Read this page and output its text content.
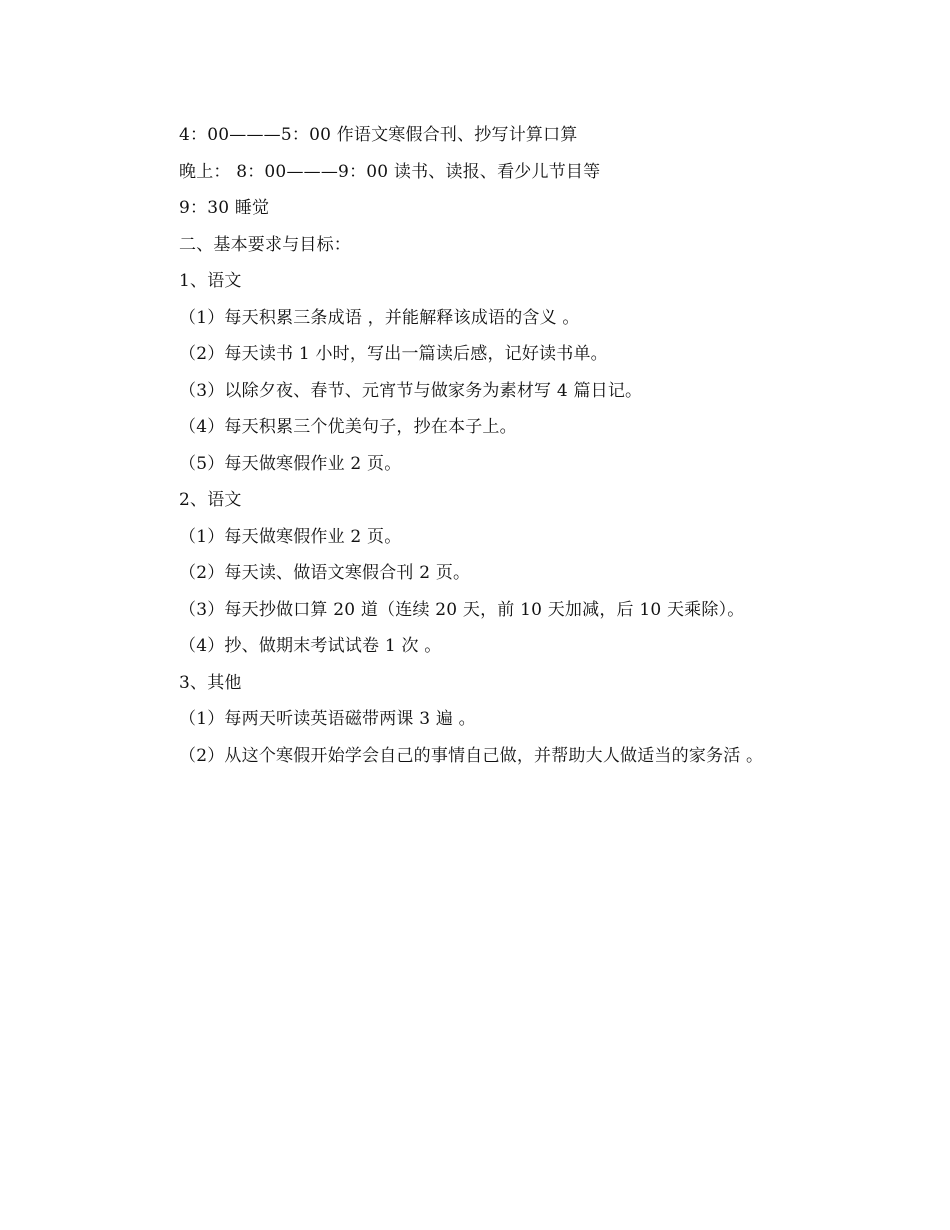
4：00———5：00 作语文寒假合刊、抄写计算口算
晚上： 8：00———9：00 读书、读报、看少儿节目等
9：30 睡觉
二、基本要求与目标：
1、语文
（1）每天积累三条成语 ，并能解释该成语的含义 。
（2）每天读书 1 小时，写出一篇读后感，记好读书单。
（3）以除夕夜、春节、元宵节与做家务为素材写 4 篇日记。
（4）每天积累三个优美句子，抄在本子上。
（5）每天做寒假作业 2 页。
2、语文
（1）每天做寒假作业 2 页。
（2）每天读、做语文寒假合刊 2 页。
（3）每天抄做口算 20 道（连续 20 天，前 10 天加减，后 10 天乘除）。
（4）抄、做期末考试试卷 1 次 。
3、其他
（1）每两天听读英语磁带两课 3 遍 。
（2）从这个寒假开始学会自己的事情自己做，并帮助大人做适当的家务活 。
